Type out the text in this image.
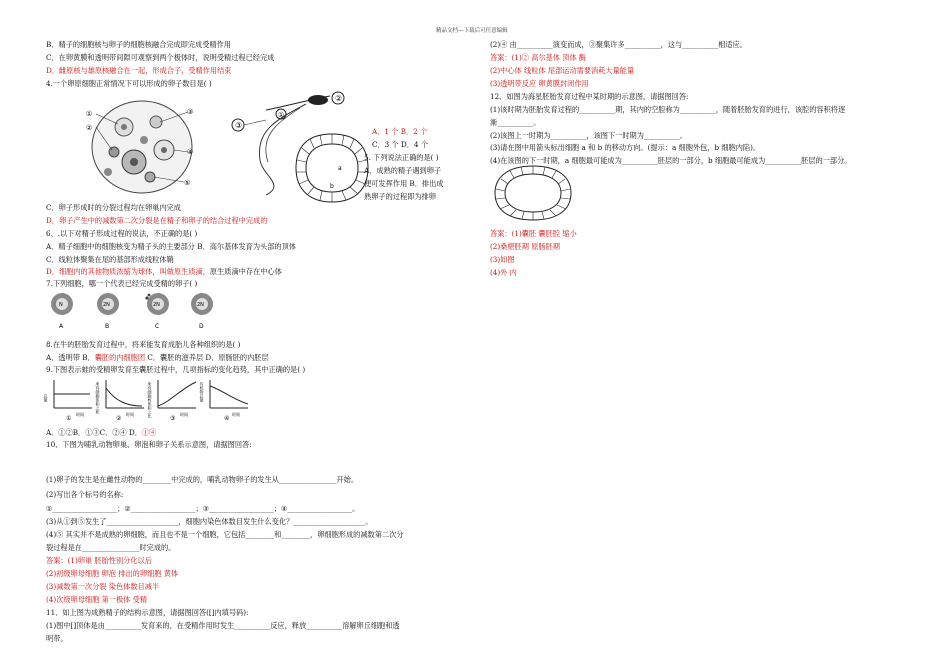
精品文档---下载后可任意编辑
①
②
③
④
⑤
②
③
①
a
b
N
A
2N
B
2N
C
2N
D
总量
时间
①
所有细胞体积之和
时间
②
所有细胞核体积之比	时间
③
有机物总量
时间
④
B．精子的细胞核与卵子的细胞核融合完成即完成受精作用
C．在卵黄膜和透明带间隙可观察到两个极体时，说明受精过程已经完成
D．雌原核与雄原核融合在一起，形成合子，受精作用结束
4.一个卵原细胞正常情况下可以形成的卵子数目是( )
A．1 个 B．2 个
C．3 个 D．4 个
5. 下列说法正确的是( )
A．成熟的精子遇到卵子
便可发挥作用 B．排出成
熟卵子的过程即为排卵
C．卵子形成时的分裂过程均在卵巢内完成
D．卵子产生中的减数第二次分裂是在精子和卵子的结合过程中完成的
6、.以下对精子形成过程的说法，不正确的是( )
A．精子细胞中的细胞核变为精子头的主要部分 B．高尔基体发育为头部的顶体
C．线粒体聚集在尾的基部形成线粒体鞘
D．细胞内的其他物质浓缩为球体，叫做原生质滴，原生质滴中存在中心体
7.下列细胞，哪一个代表已经完成受精的卵子( )
8.在牛的胚胎发育过程中，将来能发育成胎儿各种组织的是( )
A．透明带 B．囊胚的内细胞团 C．囊胚的滋养层 D．原肠胚的内胚层
9.下图表示蛙的受精卵发育至囊胚过程中，几项指标的变化趋势，其中正确的是( )
A．①②B．①③C．②④ D．①④
10、下图为哺乳动物卵巢、卵泡和卵子关系示意图，请据图回答:
(1)卵子的发生是在雌性动物的________中完成的，哺乳动物卵子的发生从________________开始。
(2)写出各个标号的名称:
①__________________；②__________________；③__________________；④__________________。
(3)从①到⑤发生了____________________，细胞内染色体数目发生什么变化？____________________。
(4)⑤ 其实并不是成熟的卵细胞，而且也不是一个细胞，它包括________和________，卵细胞形成的减数第二次分
裂过程是在________________时完成的。
答案：(1)卵巢 胚胎性别分化以后
(2)初级卵母细胞 卵泡 排出的卵细胞 黄体
(3)减数第一次分裂 染色体数目减半
(4)次级卵母细胞 第一极体 受精
11、如上图为成熟精子的结构示意图，请据图回答([]内填号码):
(1)图中[]顶体是由__________发育来的，在受精作用时发生__________反应，释放__________溶解卵丘细胞和透
明带。
(2)④ 由__________演变而成，③聚集许多__________，这与__________相适应。
答案：(1)② 高尔基体 顶体 酶
(2)中心体 线粒体 尾部运动需要消耗大量能量
(3)透明带反应 卵黄膜封闭作用
12、如图为海星胚胎发育过程中某时期的示意图，请据图回答:
(1)该时期为胚胎发育过程的__________期，其内的空腔称为__________，随着胚胎发育的进行，该腔的容积将逐
渐__________。
(2)该图上一时期为__________，该图下一时期为__________。
(3)请在图中用箭头标出细胞 a 和 b 的移动方向。(提示：a 细胞外包，b 细胞内陷)。
(4)在该图的下一时期，a 细胞最可能成为__________胚层的一部分，b 细胞最可能成为__________胚层的一部分。
答案：(1)囊胚 囊胚腔 缩小
(2)桑椹胚期 原肠胚期
(3)如图
(4)外 内
